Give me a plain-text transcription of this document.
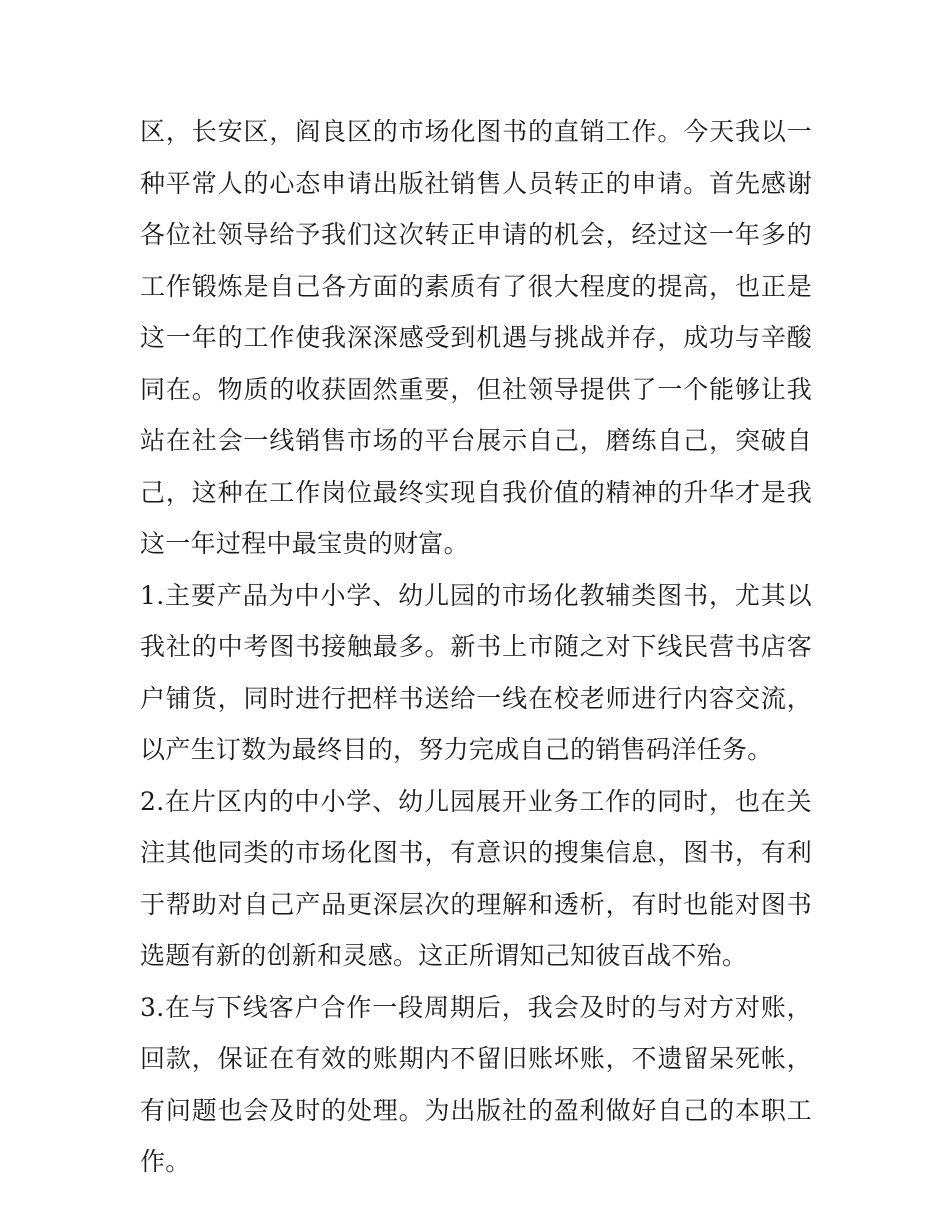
区，长安区，阎良区的市场化图书的直销工作。今天我以一种平常人的心态申请出版社销售人员转正的申请。首先感谢各位社领导给予我们这次转正申请的机会，经过这一年多的工作锻炼是自己各方面的素质有了很大程度的提高，也正是这一年的工作使我深深感受到机遇与挑战并存，成功与辛酸同在。物质的收获固然重要，但社领导提供了一个能够让我站在社会一线销售市场的平台展示自己，磨练自己，突破自己，这种在工作岗位最终实现自我价值的精神的升华才是我这一年过程中最宝贵的财富。

1.主要产品为中小学、幼儿园的市场化教辅类图书，尤其以我社的中考图书接触最多。新书上市随之对下线民营书店客户铺货，同时进行把样书送给一线在校老师进行内容交流，以产生订数为最终目的，努力完成自己的销售码洋任务。

2.在片区内的中小学、幼儿园展开业务工作的同时，也在关注其他同类的市场化图书，有意识的搜集信息，图书，有利于帮助对自己产品更深层次的理解和透析，有时也能对图书选题有新的创新和灵感。这正所谓知己知彼百战不殆。

3.在与下线客户合作一段周期后，我会及时的与对方对账，回款，保证在有效的账期内不留旧账坏账，不遗留呆死帐，有问题也会及时的处理。为出版社的盈利做好自己的本职工作。
